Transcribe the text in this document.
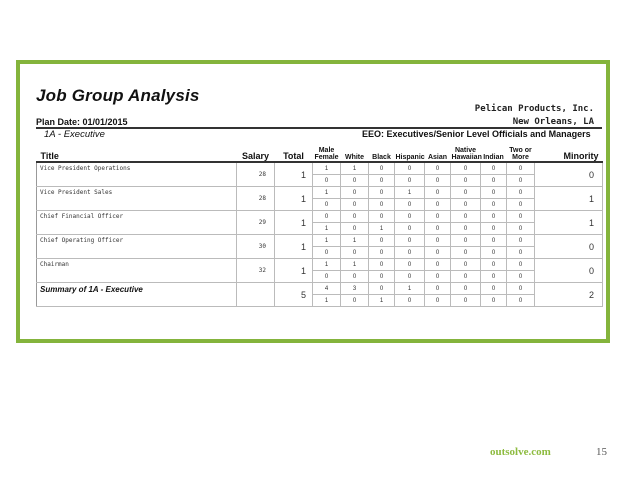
Job Group Analysis
Pelican Products, Inc.
Plan Date: 01/01/2015	New Orleans, LA
1A - Executive	EEO: Executives/Senior Level Officials and Managers
Title	Salary	Total	Male Female	White	Black	Hispanic	Asian	Native Hawaiian	Indian	Two or More	Minority
Vice President Operations	28	1	1	1	0	0	0	0	0	0	0
			0	0	0	0	0	0	0	0	
Vice President Sales	28	1	1	0	0	1	0	0	0	0	1
			0	0	0	0	0	0	0	0	
Chief Financial Officer	29	1	0	0	0	0	0	0	0	0	1
			1	0	1	0	0	0	0	0	
Chief Operating Officer	30	1	1	1	0	0	0	0	0	0	0
			0	0	0	0	0	0	0	0	
Chairman	32	1	1	1	0	0	0	0	0	0	0
			0	0	0	0	0	0	0	0	
Summary of 1A - Executive		5	4	3	0	1	0	0	0	0	2
			1	0	1	0	0	0	0	0	
outsolve.com	15
